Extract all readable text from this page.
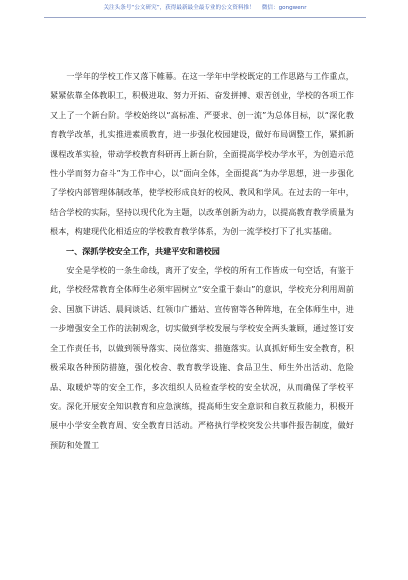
关注头条号“公文研究”，获得最新最全最专业的公文资料推！ 微信：gongwenr

　　一学年的学校工作又落下帷幕。在这一学年中学校既定的工作思路与工作重点，紧紧依靠全体教职工，积极进取、努力开拓、奋发拼搏、艰苦创业，学校的各项工作又上了一个新台阶。学校始终以“高标准、严要求、创一流”为总体目标，以“深化教育教学改革，扎实推进素质教育，进一步强化校园建设，做好布局调整工作，紧抓新课程改革实验，带动学校教育科研再上新台阶，全面提高学校办学水平，为创造示范性小学而努力奋斗”为工作中心，以“面向全体，全面提高”为办学思想，进一步强化了学校内部管理体制改革，使学校形成良好的校风、教风和学风。在过去的一年中，结合学校的实际，坚持以现代化为主题，以改革创新为动力，以提高教育教学质量为根本，构建现代化相适应的学校教育教学体系，为创一流学校打下了扎实基础。

一、深抓学校安全工作，共建平安和谐校园

　　安全是学校的一条生命线，离开了安全，学校的所有工作皆成一句空话，有鉴于此，学校经常教育全体师生必须牢固树立“安全重于泰山”的意识，学校充分利用周前会、国旗下讲话、晨间谈话、红领巾广播站、宣传窗等各种阵地，在全体师生中，进一步增强安全工作的法制观念，切实做到学校发展与学校安全两头兼顾，通过签订安全工作责任书，以做到领导落实、岗位落实、措施落实。认真抓好师生安全教育，积极采取各种预防措施，强化校舍、教育教学设施、食品卫生、师生外出活动、危险品、取暖炉等的安全工作，多次组织人员检查学校的安全状况，从而确保了学校平安。深化开展安全知识教育和应急演练，提高师生安全意识和自救互救能力，积极开展中小学安全教育周、安全教育日活动。严格执行学校突发公共事件报告制度，做好预防和处置工
